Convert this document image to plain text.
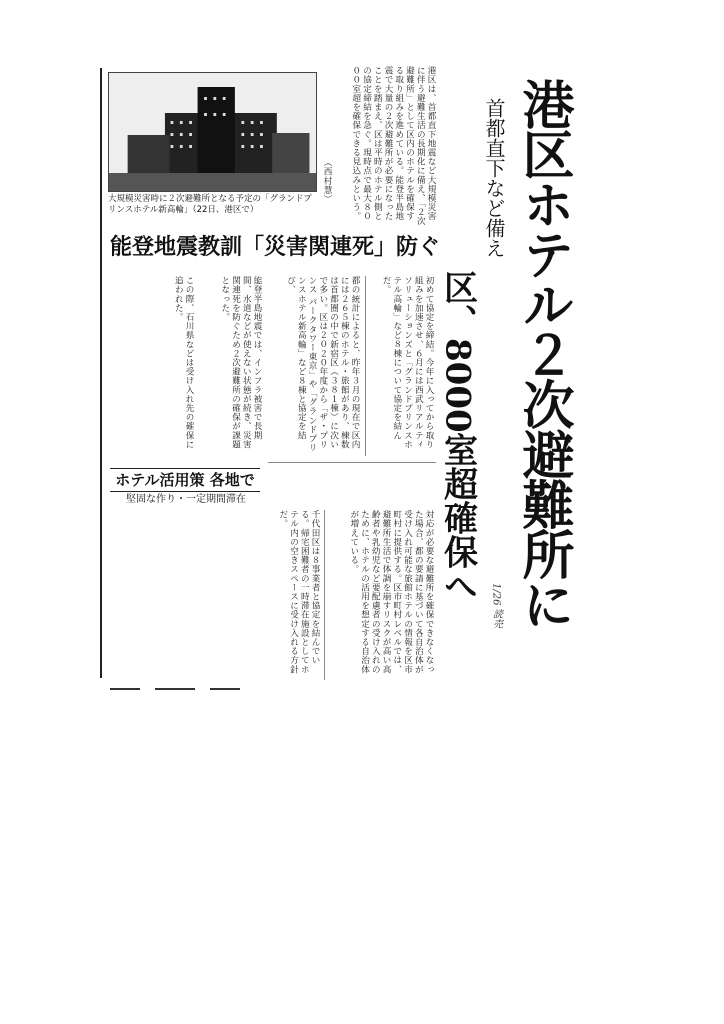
港区ホテル２次避難所に
首都直下など備え
区、8000室超確保へ
1/26 読売
港区は、首都直下地震など大規模災害に伴う避難生活の長期化に備え、「２次避難所」として区内のホテルを確保する取り組みを進めている。能登半島地震で大量の２次避難所が必要になったことを踏まえ、区は平時のホテル側との協定締結を急ぐ。現時点で最大８０００室超を確保できる見込みという。
（西村慧）
大規模災害時に２次避難所となる予定の「グランドプリンスホテル新高輪」（22日、港区で）
能登地震教訓「災害関連死」防ぐ
初めて協定を締結。今年に入ってから取り組みを加速させ、６月には西武リアルティソリューションズと「グランドプリンスホテル高輪」など８棟について協定を結んだ。
都の統計によると、昨年３月の現在で区内には２６５棟のホテル・旅館があり、棟数は首都圏の中で新宿区（３８１棟）に次いで多い。区は２０２０年度から「ザ・プリンス パークタワー東京」や「グランドプリンスホテル新高輪」など８棟と協定を結び、
能登半島地震では、インフラ被害で長期間、水道などが使えない状態が続き、災害関連死を防ぐため２次避難所の確保が課題となった。
この際、石川県などは受け入れ先の確保に追われた。
ホテル活用策 各地で
堅固な作り・一定期間滞在
対応が必要な避難所を確保できなくなった場合、都の要請に基づいて各自治体が受け入れ可能な旅館ホテルの情報を区市町村に提供する。区市町村レベルでは、避難所生活で体調を崩すリスクが高い高齢者や乳幼児など要配慮者の受け入れのために、ホテルの活用を想定する自治体が増えている。
千代田区は８事業者と協定を結んでいる。帰宅困難者の一時滞在施設としてホテル内の空きスペースに受け入れる方針だ。
